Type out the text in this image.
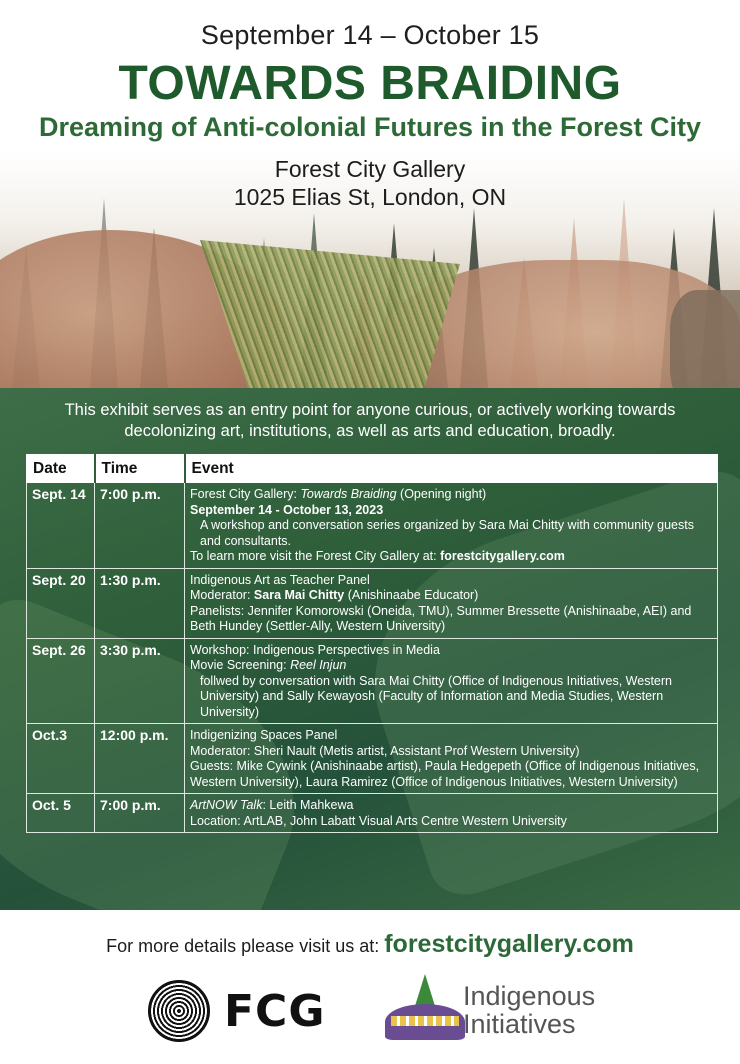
September 14 – October 15
TOWARDS BRAIDING
Dreaming of Anti-colonial Futures in the Forest City
Forest City Gallery
1025 Elias St, London, ON
This exhibit serves as an entry point for anyone curious, or actively working towards decolonizing art, institutions, as well as arts and education, broadly.
Date	Time	Event
Sept. 14	7:00 p.m.	Forest City Gallery: Towards Braiding (Opening night)
September 14 - October 13, 2023
A workshop and conversation series organized by Sara Mai Chitty with community guests and consultants.
To learn more visit the Forest City Gallery at: forestcitygallery.com

Sept. 20	1:30 p.m.	Indigenous Art as Teacher Panel
Moderator: Sara Mai Chitty (Anishinaabe Educator)
Panelists: Jennifer Komorowski (Oneida, TMU), Summer Bressette (Anishinaabe, AEI) and Beth Hundey (Settler-Ally, Western University)

Sept. 26	3:30 p.m.	Workshop: Indigenous Perspectives in Media
Movie Screening: Reel Injun
follwed by conversation with Sara Mai Chitty (Office of Indigenous Initiatives, Western University) and Sally Kewayosh (Faculty of Information and Media Studies, Western University)

Oct.3	12:00 p.m.	Indigenizing Spaces Panel
Moderator: Sheri Nault (Metis artist, Assistant Prof Western University)
Guests: Mike Cywink (Anishinaabe artist), Paula Hedgepeth (Office of Indigenous Initiatives, Western University), Laura Ramirez (Office of Indigenous Initiatives, Western University)

Oct. 5	7:00 p.m.	ArtNOW Talk: Leith Mahkewa
Location: ArtLAB, John Labatt Visual Arts Centre Western University
For more details please visit us at: forestcitygallery.com
FCG	Indigenous
Initiatives
